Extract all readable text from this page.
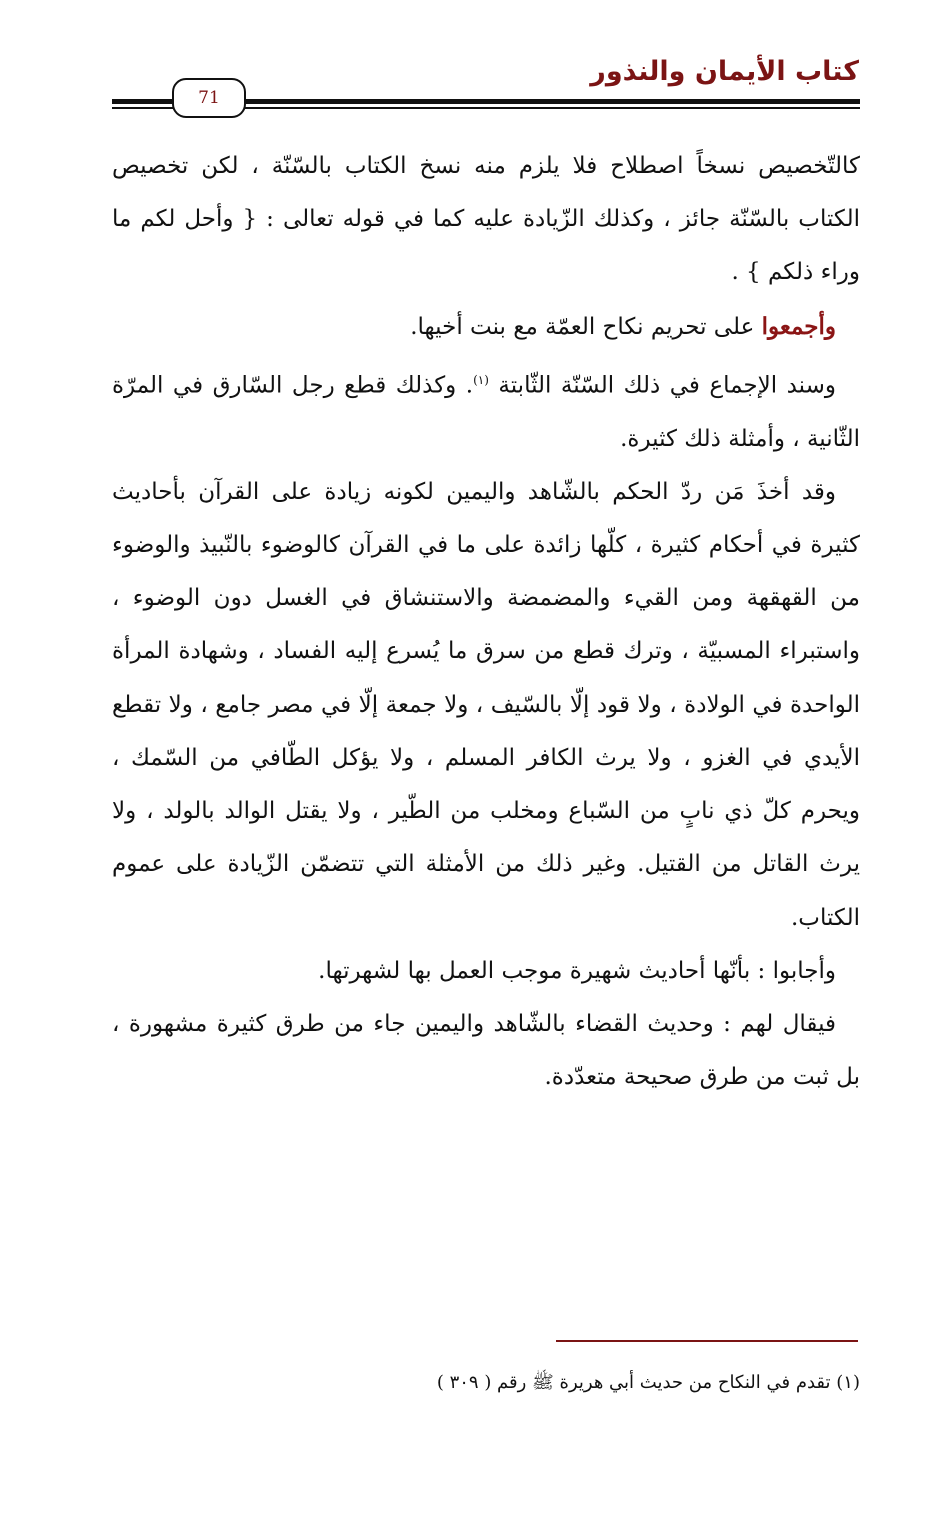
كتاب الأيمان والنذور
71

كالتّخصيص نسخاً اصطلاح فلا يلزم منه نسخ الكتاب بالسّنّة ، لكن تخصيص الكتاب بالسّنّة جائز ، وكذلك الزّيادة عليه كما في قوله تعالى : { وأحل لكم ما وراء ذلكم } .

وأجمعوا على تحريم نكاح العمّة مع بنت أخيها.

وسند الإجماع في ذلك السّنّة الثّابتة $^{(١)}$. وكذلك قطع رجل السّارق في المرّة الثّانية ، وأمثلة ذلك كثيرة.

وقد أخذَ مَن ردّ الحكم بالشّاهد واليمين لكونه زيادة على القرآن بأحاديث كثيرة في أحكام كثيرة ، كلّها زائدة على ما في القرآن كالوضوء بالنّبيذ والوضوء من القهقهة ومن القيء والمضمضة والاستنشاق في الغسل دون الوضوء ، واستبراء المسبيّة ، وترك قطع من سرق ما يُسرع إليه الفساد ، وشهادة المرأة الواحدة في الولادة ، ولا قود إلّا بالسّيف ، ولا جمعة إلّا في مصر جامع ، ولا تقطع الأيدي في الغزو ، ولا يرث الكافر المسلم ، ولا يؤكل الطّافي من السّمك ، ويحرم كلّ ذي نابٍ من السّباع ومخلب من الطّير ، ولا يقتل الوالد بالولد ، ولا يرث القاتل من القتيل. وغير ذلك من الأمثلة التي تتضمّن الزّيادة على عموم الكتاب.

وأجابوا : بأنّها أحاديث شهيرة موجب العمل بها لشهرتها.

فيقال لهم : وحديث القضاء بالشّاهد واليمين جاء من طرق كثيرة مشهورة ، بل ثبت من طرق صحيحة متعدّدة.

(١) تقدم في النكاح من حديث أبي هريرة ﷺ رقم ( ٣٠٩ )
